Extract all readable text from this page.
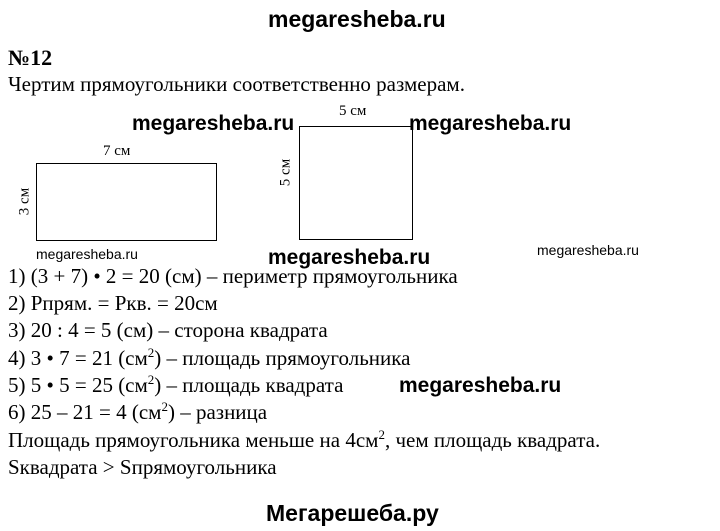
megaresheba.ru
№12
Чертим прямоугольники соответственно размерам.
megaresheba.ru	megaresheba.ru
7 см
3 см
5 см
5 см
megaresheba.ru	megaresheba.ru	megaresheba.ru
1) (3 + 7) • 2 = 20 (см) – периметр прямоугольника
2) Pпрям. = Pкв. = 20см
3) 20 : 4 = 5 (см) – сторона квадрата
4) 3 • 7 = 21 $(см^2)$ – площадь прямоугольника
5) 5 • 5 = 25 $(см^2)$ – площадь квадрата	megaresheba.ru
6) 25 – 21 = 4 $(см^2)$ – разница
Площадь прямоугольника меньше на $4см^2$, чем площадь квадрата.
Sквадрата > Sпрямоугольника
Мегарешеба.ру
